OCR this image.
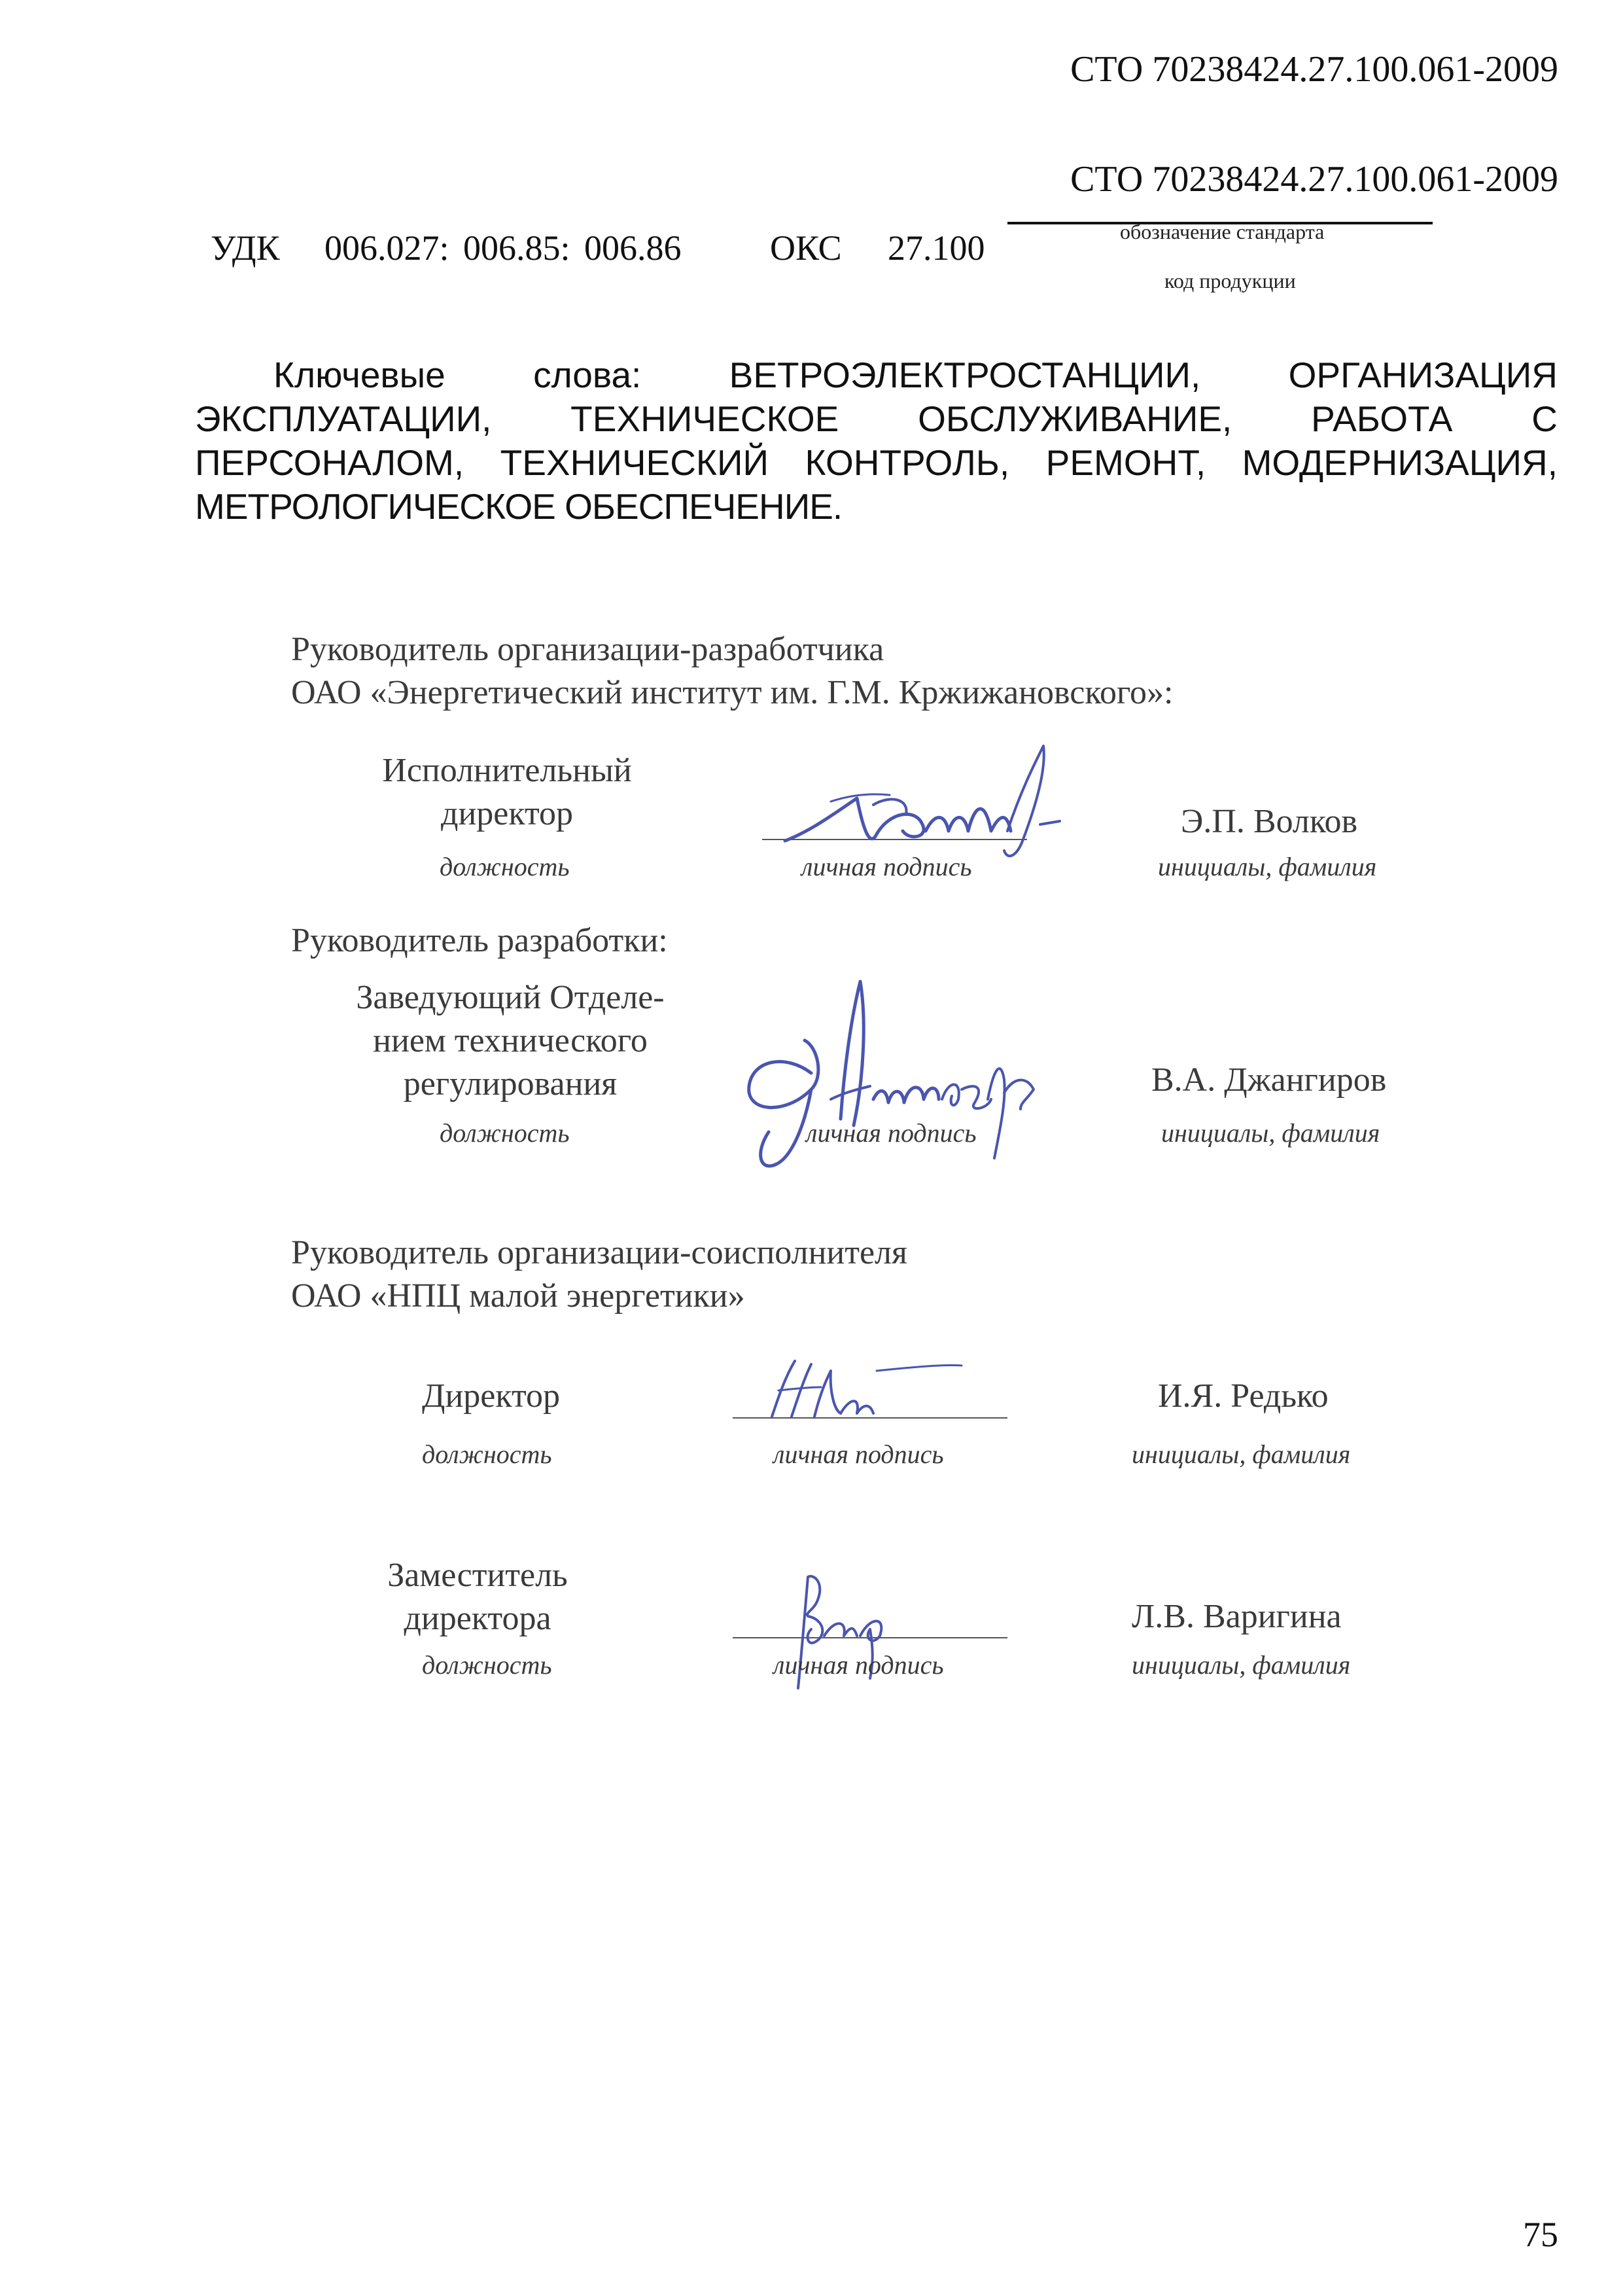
СТО 70238424.27.100.061-2009
СТО 70238424.27.100.061-2009
УДК 006.027: 006.85: 006.86	ОКС 27.100	обозначение стандарта
код продукции
Ключевые слова: ВЕТРОЭЛЕКТРОСТАНЦИИ, ОРГАНИЗАЦИЯ
ЭКСПЛУАТАЦИИ, ТЕХНИЧЕСКОЕ ОБСЛУЖИВАНИЕ, РАБОТА С
ПЕРСОНАЛОМ, ТЕХНИЧЕСКИЙ КОНТРОЛЬ, РЕМОНТ, МОДЕРНИЗАЦИЯ,
МЕТРОЛОГИЧЕСКОЕ ОБЕСПЕЧЕНИЕ.
Руководитель организации-разработчика
ОАО «Энергетический институт им. Г.М. Кржижановского»:
Исполнительный
директор	Э.П. Волков
должность	личная подпись	инициалы, фамилия
Руководитель разработки:
Заведующий Отделе-
нием технического
регулирования	В.А. Джангиров
должность	личная подпись	инициалы, фамилия
Руководитель организации-соисполнителя
ОАО «НПЦ малой энергетики»
Директор	И.Я. Редько
должность	личная подпись	инициалы, фамилия
Заместитель
директора	Л.В. Варигина
должность	личная подпись	инициалы, фамилия
75
